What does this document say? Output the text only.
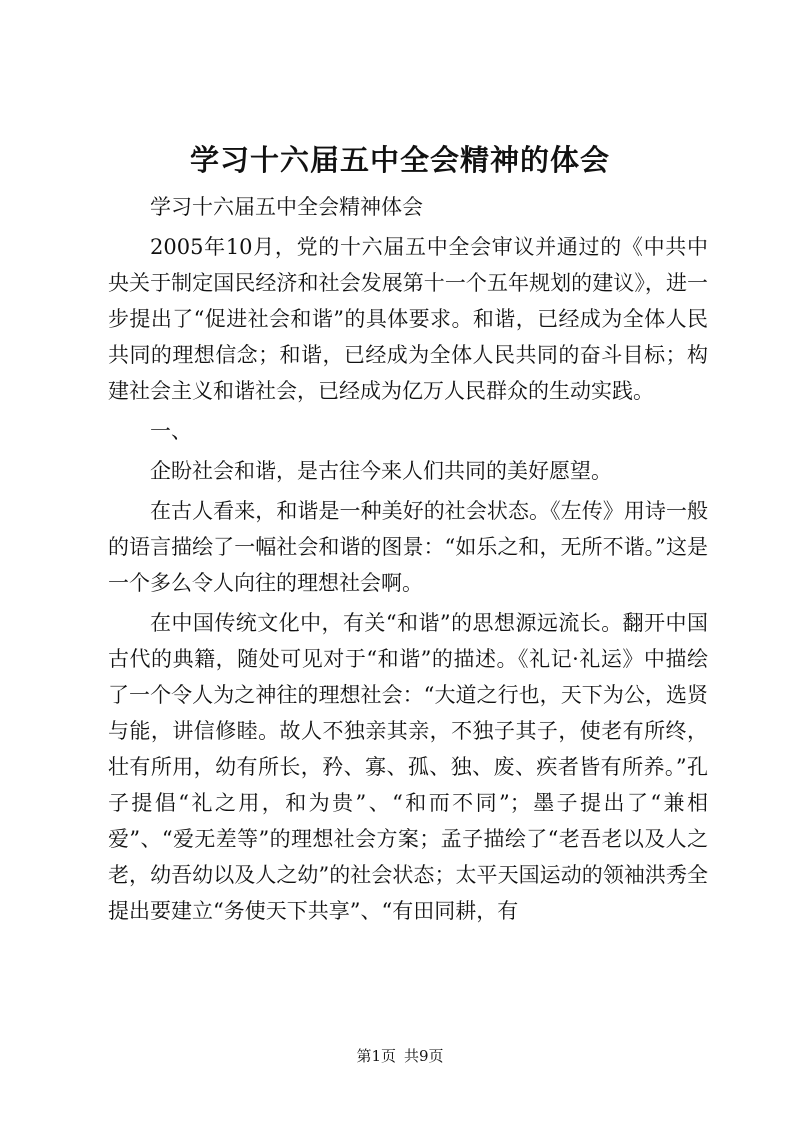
学习十六届五中全会精神的体会

学习十六届五中全会精神体会

2005年10月，党的十六届五中全会审议并通过的《中共中央关于制定国民经济和社会发展第十一个五年规划的建议》，进一步提出了“促进社会和谐”的具体要求。和谐，已经成为全体人民共同的理想信念；和谐，已经成为全体人民共同的奋斗目标；构建社会主义和谐社会，已经成为亿万人民群众的生动实践。

一、

企盼社会和谐，是古往今来人们共同的美好愿望。

在古人看来，和谐是一种美好的社会状态。《左传》用诗一般的语言描绘了一幅社会和谐的图景：“如乐之和，无所不谐。”这是一个多么令人向往的理想社会啊。

在中国传统文化中，有关“和谐”的思想源远流长。翻开中国古代的典籍，随处可见对于“和谐”的描述。《礼记·礼运》中描绘了一个令人为之神往的理想社会：“大道之行也，天下为公，选贤与能，讲信修睦。故人不独亲其亲，不独子其子，使老有所终，壮有所用，幼有所长，矜、寡、孤、独、废、疾者皆有所养。”孔子提倡“礼之用，和为贵”、“和而不同”；墨子提出了“兼相爱”、“爱无差等”的理想社会方案；孟子描绘了“老吾老以及人之老，幼吾幼以及人之幼”的社会状态；太平天国运动的领袖洪秀全提出要建立“务使天下共享”、“有田同耕，有

第1页 共9页
